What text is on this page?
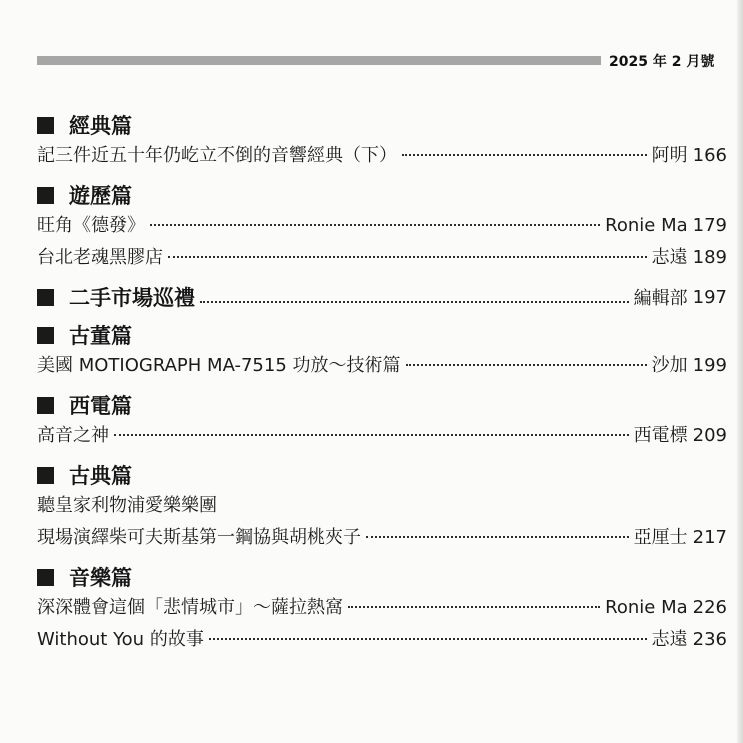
2025 年 2 月號
經典篇
記三件近五十年仍屹立不倒的音響經典（下）	阿明 166
遊歷篇
旺角《德發》	Ronie Ma 179
台北老魂黑膠店	志遠 189
二手市場巡禮	編輯部 197
古董篇
美國 MOTIOGRAPH MA-7515 功放～技術篇	沙加 199
西電篇
高音之神	西電標 209
古典篇
聽皇家利物浦愛樂樂團
現場演繹柴可夫斯基第一鋼協與胡桃夾子	亞厘士 217
音樂篇
深深體會這個「悲情城市」～薩拉熱窩	Ronie Ma 226
Without You 的故事	志遠 236
